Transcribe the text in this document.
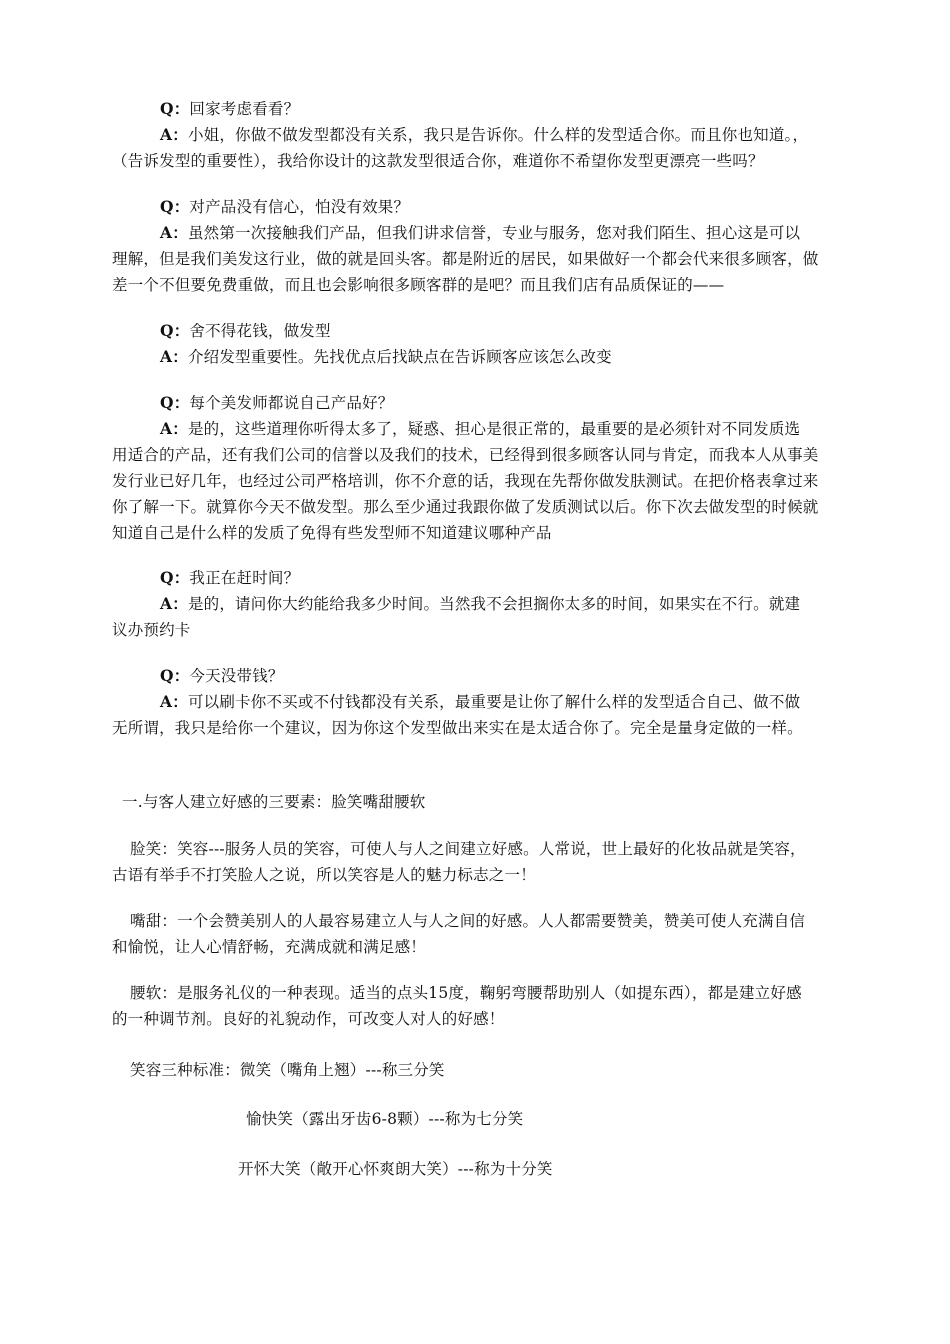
Q：回家考虑看看？
A：小姐，你做不做发型都没有关系，我只是告诉你。什么样的发型适合你。而且你也知道。，
（告诉发型的重要性），我给你设计的这款发型很适合你，难道你不希望你发型更漂亮一些吗？
Q：对产品没有信心，怕没有效果？
A：虽然第一次接触我们产品，但我们讲求信誉，专业与服务，您对我们陌生、担心这是可以
理解，但是我们美发这行业，做的就是回头客。都是附近的居民，如果做好一个都会代来很多顾客，做
差一个不但要免费重做，而且也会影响很多顾客群的是吧？而且我们店有品质保证的——
Q：舍不得花钱，做发型
A：介绍发型重要性。先找优点后找缺点在告诉顾客应该怎么改变
Q：每个美发师都说自己产品好？
A：是的，这些道理你听得太多了，疑惑、担心是很正常的，最重要的是必须针对不同发质选
用适合的产品，还有我们公司的信誉以及我们的技术，已经得到很多顾客认同与肯定，而我本人从事美
发行业已好几年，也经过公司严格培训，你不介意的话，我现在先帮你做发肤测试。在把价格表拿过来
你了解一下。就算你今天不做发型。那么至少通过我跟你做了发质测试以后。你下次去做发型的时候就
知道自己是什么样的发质了免得有些发型师不知道建议哪种产品
Q：我正在赶时间？
A：是的，请问你大约能给我多少时间。当然我不会担搁你太多的时间，如果实在不行。就建
议办预约卡
Q：今天没带钱？
A：可以刷卡你不买或不付钱都没有关系，最重要是让你了解什么样的发型适合自己、做不做
无所谓，我只是给你一个建议，因为你这个发型做出来实在是太适合你了。完全是量身定做的一样。
一.与客人建立好感的三要素：脸笑嘴甜腰软
脸笑：笑容---服务人员的笑容，可使人与人之间建立好感。人常说，世上最好的化妆品就是笑容，
古语有举手不打笑脸人之说，所以笑容是人的魅力标志之一！
嘴甜：一个会赞美别人的人最容易建立人与人之间的好感。人人都需要赞美，赞美可使人充满自信
和愉悦，让人心情舒畅，充满成就和满足感！
腰软：是服务礼仪的一种表现。适当的点头15度，鞠躬弯腰帮助别人（如提东西），都是建立好感
的一种调节剂。良好的礼貌动作，可改变人对人的好感！
笑容三种标准：微笑（嘴角上翘）---称三分笑
愉快笑（露出牙齿6-8颗）---称为七分笑
开怀大笑（敞开心怀爽朗大笑）---称为十分笑
